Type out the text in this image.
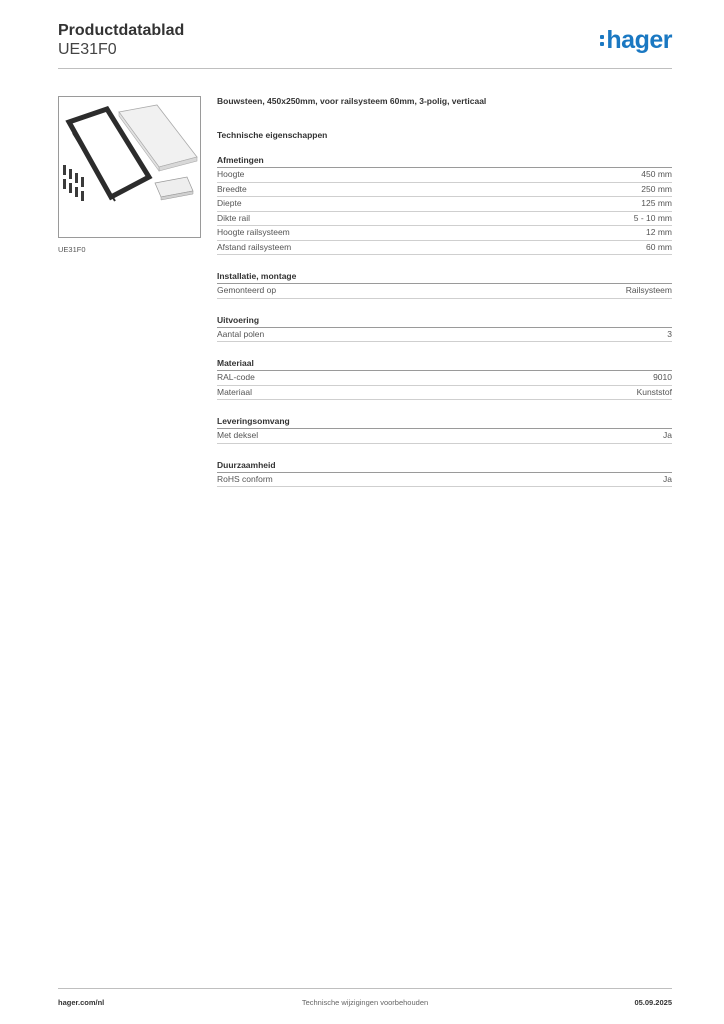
Productdatablad
UE31F0	hager
UE31F0
Bouwsteen, 450x250mm, voor railsysteem 60mm, 3-polig, verticaal
Technische eigenschappen
Afmetingen
Hoogte	450 mm
Breedte	250 mm
Diepte	125 mm
Dikte rail	5 - 10 mm
Hoogte railsysteem	12 mm
Afstand railsysteem	60 mm
Installatie, montage
Gemonteerd op	Railsysteem
Uitvoering
Aantal polen	3
Materiaal
RAL-code	9010
Materiaal	Kunststof
Leveringsomvang
Met deksel	Ja
Duurzaamheid
RoHS conform	Ja
hager.com/nl	Technische wijzigingen voorbehouden	05.09.2025
